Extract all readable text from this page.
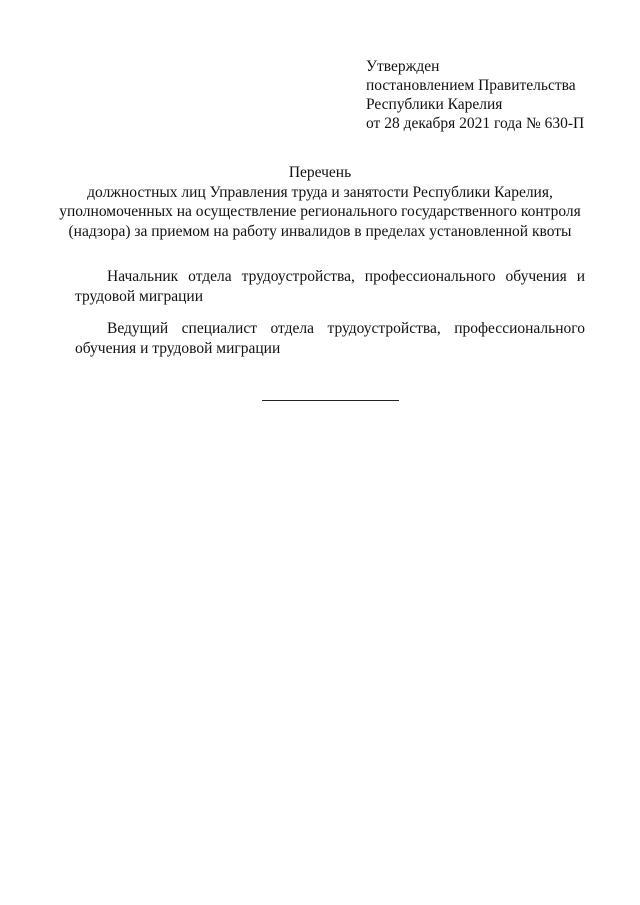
Утвержден
постановлением Правительства
Республики Карелия
от 28 декабря 2021 года № 630-П
Перечень
должностных лиц Управления труда и занятости Республики Карелия,
уполномоченных на осуществление регионального государственного контроля
(надзора) за приемом на работу инвалидов в пределах установленной квоты
Начальник отдела трудоустройства, профессионального обучения и трудовой миграции
Ведущий специалист отдела трудоустройства, профессионального обучения и трудовой миграции
